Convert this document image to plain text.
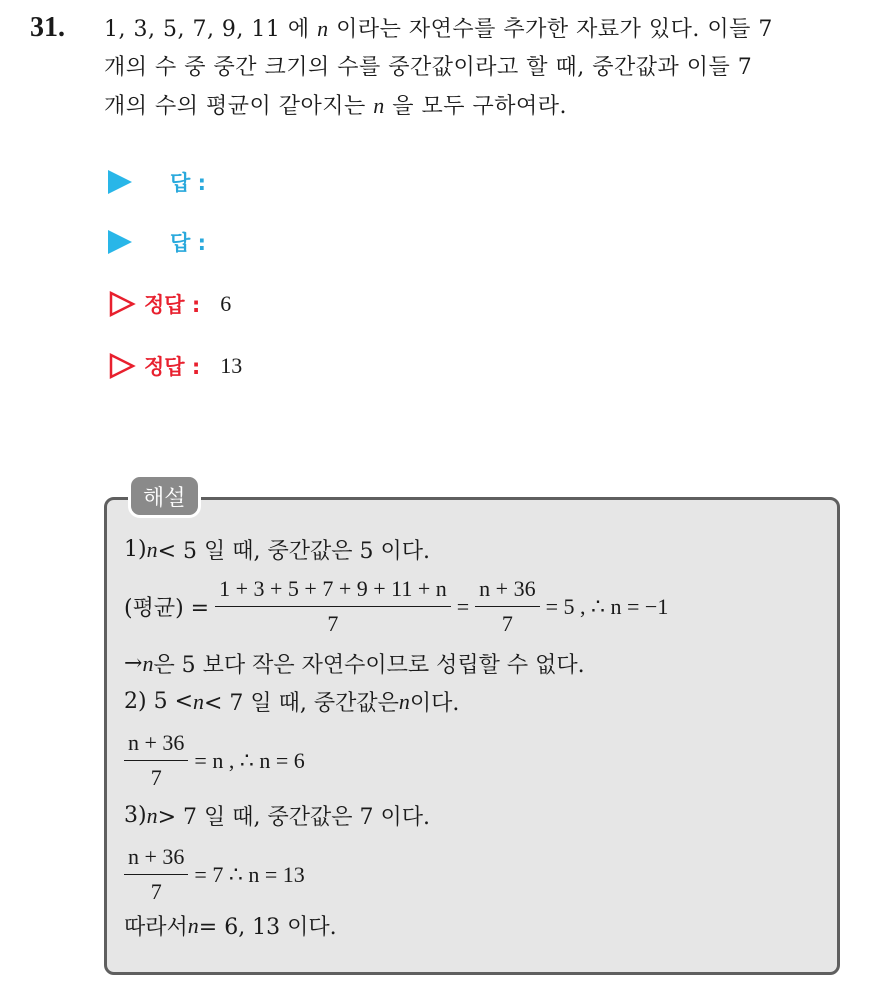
31. 1, 3, 5, 7, 9, 11 에 n 이라는 자연수를 추가한 자료가 있다. 이들 7
개의 수 중 중간 크기의 수를 중간값이라고 할 때, 중간값과 이들 7
개의 수의 평균이 같아지는 n 을 모두 구하여라.
답 :
답 :
정답 : 6
정답 : 13
해설
1) n < 5 일 때, 중간값은 5 이다.
(평균) = $\frac{1 + 3 + 5 + 7 + 9 + 11 + n}{7} = \frac{n + 36}{7} = 5$ , ∴ n = −1
→ n 은 5 보다 작은 자연수이므로 성립할 수 없다.
2) 5 < n < 7 일 때, 중간값은 n 이다.
$\frac{n + 36}{7} = n$ , ∴ n = 6
3) n > 7 일 때, 중간값은 7 이다.
$\frac{n + 36}{7} = 7$ ∴ n = 13
따라서 n = 6, 13 이다.
